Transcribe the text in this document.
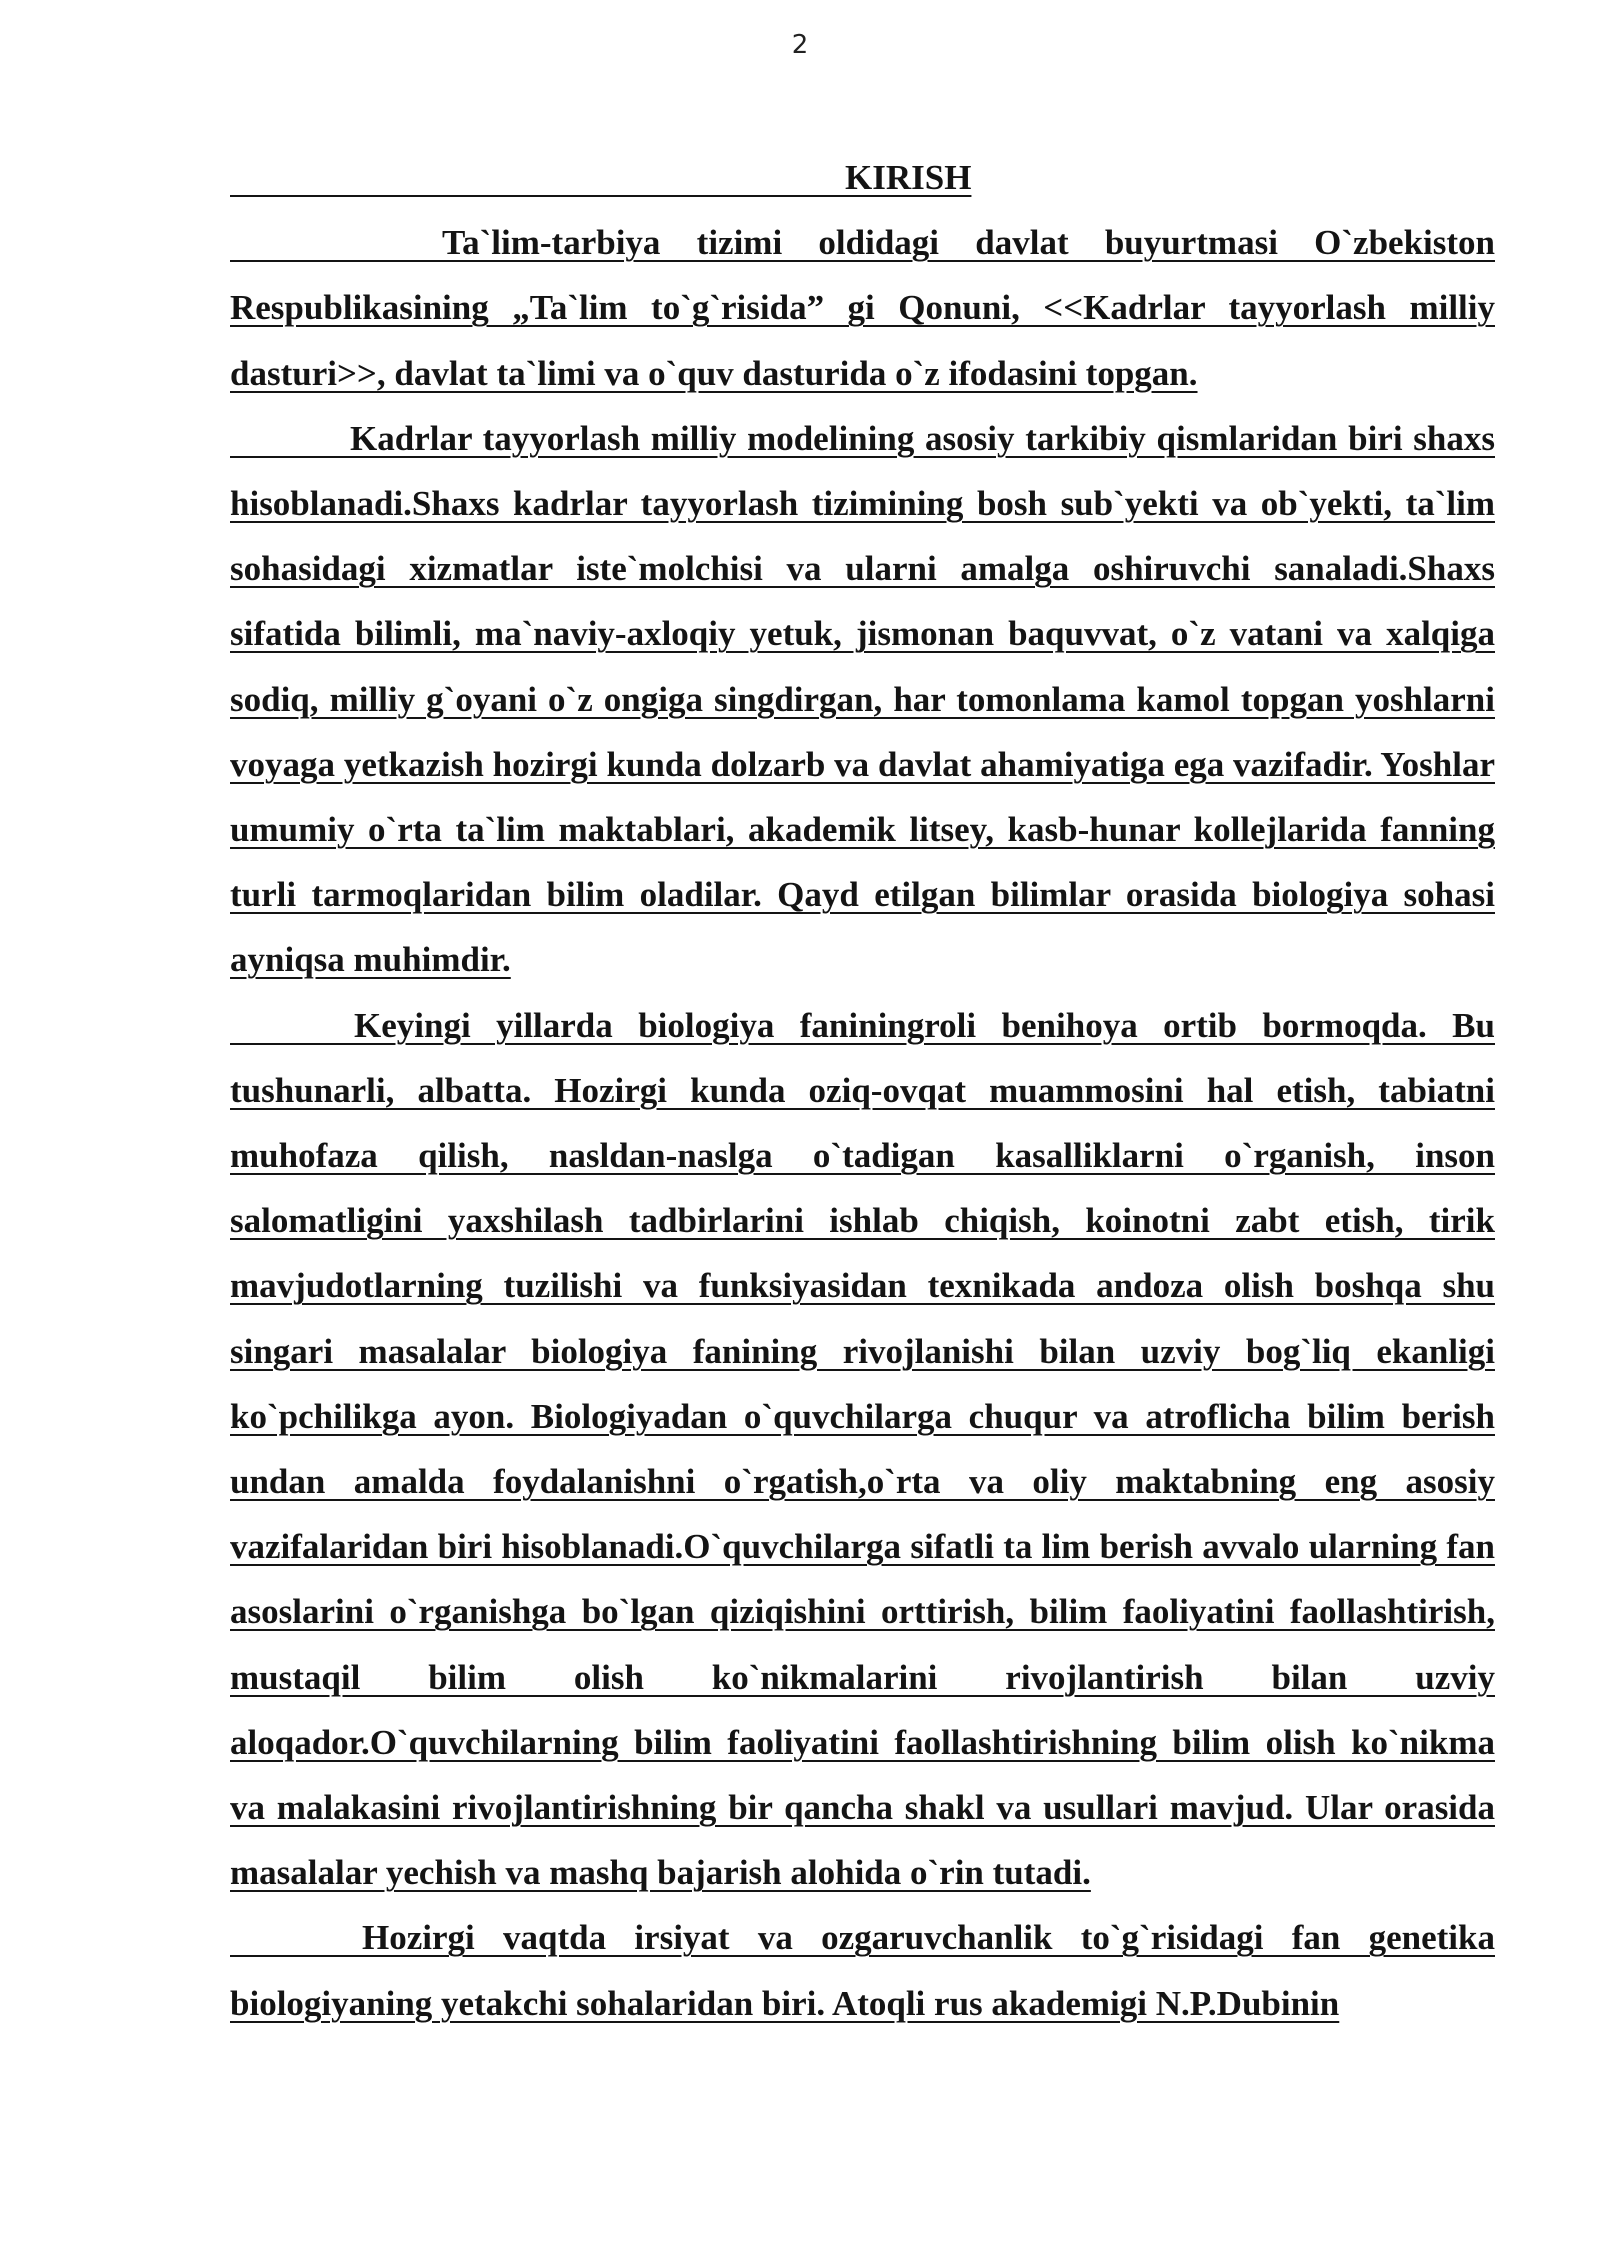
2

KIRISH

Ta`lim-tarbiya tizimi oldidagi davlat buyurtmasi O`zbekiston Respublikasining „Ta`lim to`g`risida” gi Qonuni, <<Kadrlar tayyorlash milliy dasturi>>, davlat ta`limi va o`quv dasturida o`z ifodasini topgan.

Kadrlar tayyorlash milliy modelining asosiy tarkibiy qismlaridan biri shaxs hisoblanadi.Shaxs kadrlar tayyorlash tizimining bosh sub`yekti va ob`yekti, ta`lim sohasidagi xizmatlar iste`molchisi va ularni amalga oshiruvchi sanaladi.Shaxs sifatida bilimli, ma`naviy-axloqiy yetuk, jismonan baquvvat, o`z vatani va xalqiga sodiq, milliy g`oyani o`z ongiga singdirgan, har tomonlama kamol topgan yoshlarni voyaga yetkazish hozirgi kunda dolzarb va davlat ahamiyatiga ega vazifadir. Yoshlar umumiy o`rta ta`lim maktablari, akademik litsey, kasb-hunar kollejlarida fanning turli tarmoqlaridan bilim oladilar. Qayd etilgan bilimlar orasida biologiya sohasi ayniqsa muhimdir.

Keyingi yillarda biologiya faniningroli benihoya ortib bormoqda. Bu tushunarli, albatta. Hozirgi kunda oziq-ovqat muammosini hal etish, tabiatni muhofaza qilish, nasldan-naslga o`tadigan kasalliklarni o`rganish, inson salomatligini yaxshilash tadbirlarini ishlab chiqish, koinotni zabt etish, tirik mavjudotlarning tuzilishi va funksiyasidan texnikada andoza olish boshqa shu singari masalalar biologiya fanining rivojlanishi bilan uzviy bog`liq ekanligi ko`pchilikga ayon. Biologiyadan o`quvchilarga chuqur va atroflicha bilim berish undan amalda foydalanishni o`rgatish,o`rta va oliy maktabning eng asosiy vazifalaridan biri hisoblanadi.O`quvchilarga sifatli ta lim berish avvalo ularning fan asoslarini o`rganishga bo`lgan qiziqishini orttirish, bilim faoliyatini faollashtirish, mustaqil bilim olish ko`nikmalarini rivojlantirish bilan uzviy aloqador.O`quvchilarning bilim faoliyatini faollashtirishning bilim olish ko`nikma va malakasini rivojlantirishning bir qancha shakl va usullari mavjud. Ular orasida masalalar yechish va mashq bajarish alohida o`rin tutadi.

Hozirgi vaqtda irsiyat va ozgaruvchanlik to`g`risidagi fan genetika biologiyaning yetakchi sohalaridan biri. Atoqli rus akademigi N.P.Dubinin
